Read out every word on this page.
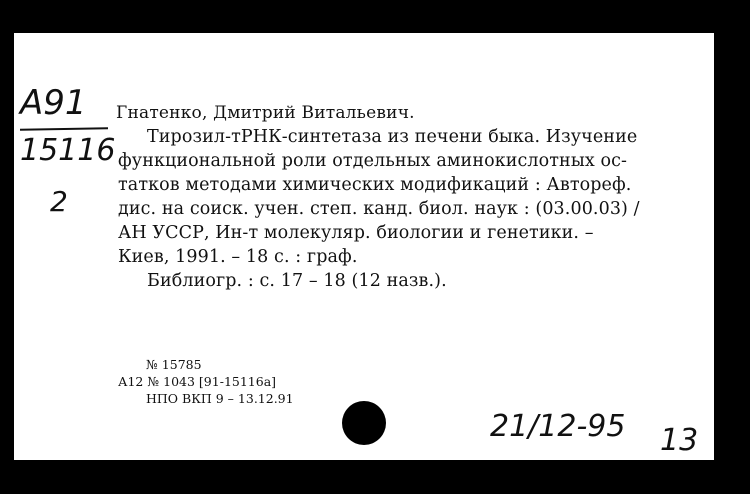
А91
15116
2
Гнатенко, Дмитрий Витальевич.
Тирозил-тРНК-синтетаза из печени быка. Изучение
функциональной роли отдельных аминокислотных ос-
татков методами химических модификаций : Автореф.
дис. на соиск. учен. степ. канд. биол. наук : (03.00.03) /
АН УССР, Ин-т молекуляр. биологии и генетики. –
Киев, 1991. – 18 с. : граф.
Библиогр. : с. 17 – 18 (12 назв.).
№ 15785
А12 № 1043 [91-15116а]
НПО ВКП 9 – 13.12.91
21/12-95 13
